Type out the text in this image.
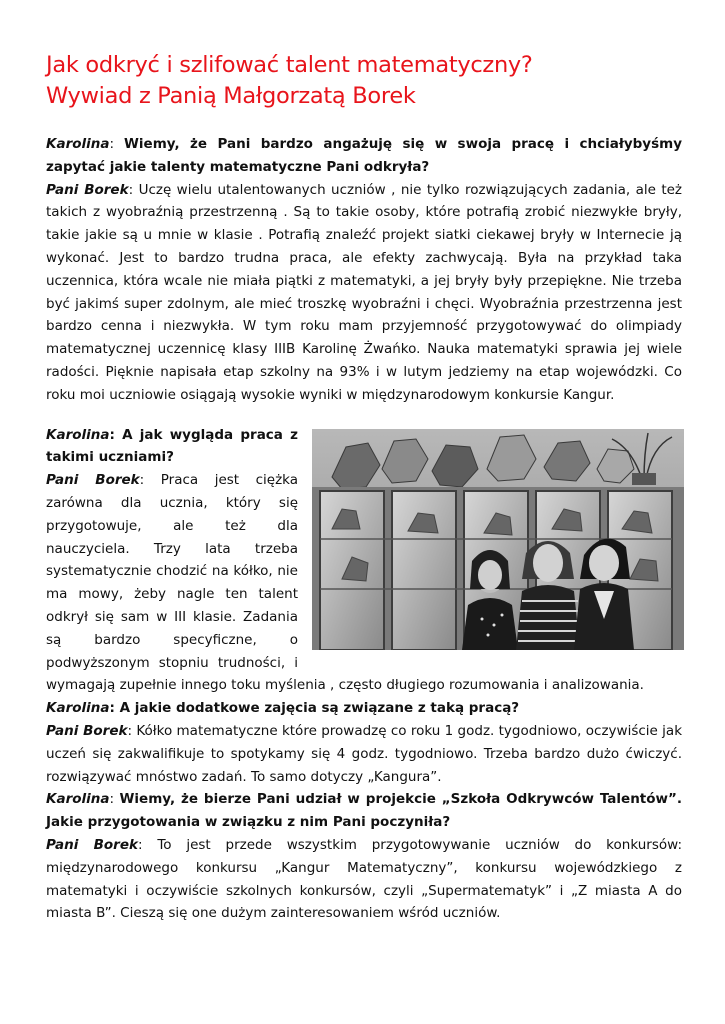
Jak odkryć i szlifować talent matematyczny?
Wywiad z Panią Małgorzatą Borek

Karolina: Wiemy, że Pani bardzo angażuję się w swoja pracę i chciałybyśmy zapytać jakie talenty matematyczne Pani odkryła?

Pani Borek: Uczę wielu utalentowanych uczniów , nie tylko rozwiązujących zadania, ale też takich z wyobraźnią przestrzenną . Są to takie osoby, które potrafią zrobić niezwykłe bryły, takie jakie są u mnie w klasie . Potrafią znaleźć projekt siatki ciekawej bryły w Internecie ją wykonać. Jest to bardzo trudna praca, ale efekty zachwycają. Była na przykład taka uczennica, która wcale nie miała piątki z matematyki, a jej bryły były przepiękne. Nie trzeba być jakimś super zdolnym, ale mieć troszkę wyobraźni i chęci. Wyobraźnia przestrzenna jest bardzo cenna i niezwykła. W tym roku mam przyjemność przygotowywać do olimpiady matematycznej uczennicę klasy IIIB Karolinę Żwańko. Nauka matematyki sprawia jej wiele radości. Pięknie napisała etap szkolny na 93% i w lutym jedziemy na etap wojewódzki. Co roku moi uczniowie osiągają wysokie wyniki w międzynarodowym konkursie Kangur.

Karolina: A jak wygląda praca z takimi uczniami?

Pani Borek: Praca jest ciężka zarówna dla ucznia, który się przygotowuje, ale też dla nauczyciela. Trzy lata trzeba systematycznie chodzić na kółko, nie ma mowy, żeby nagle ten talent odkrył się sam w III klasie. Zadania są bardzo specyficzne, o podwyższonym stopniu trudności, i wymagają zupełnie innego toku myślenia , często długiego rozumowania i analizowania.

Karolina: A jakie dodatkowe zajęcia są związane z taką pracą?

Pani Borek: Kółko matematyczne które prowadzę co roku 1 godz. tygodniowo, oczywiście jak uczeń się zakwalifikuje to spotykamy się 4 godz. tygodniowo. Trzeba bardzo dużo ćwiczyć. rozwiązywać mnóstwo zadań. To samo dotyczy „Kangura”.

Karolina: Wiemy, że bierze Pani udział w projekcie „Szkoła Odkrywców Talentów”. Jakie przygotowania w związku z nim Pani poczyniła?

Pani Borek: To jest przede wszystkim przygotowywanie uczniów do konkursów: międzynarodowego konkursu „Kangur Matematyczny”, konkursu wojewódzkiego z matematyki i oczywiście szkolnych konkursów, czyli „Supermatematyk” i „Z miasta A do miasta B”. Cieszą się one dużym zainteresowaniem wśród uczniów.
